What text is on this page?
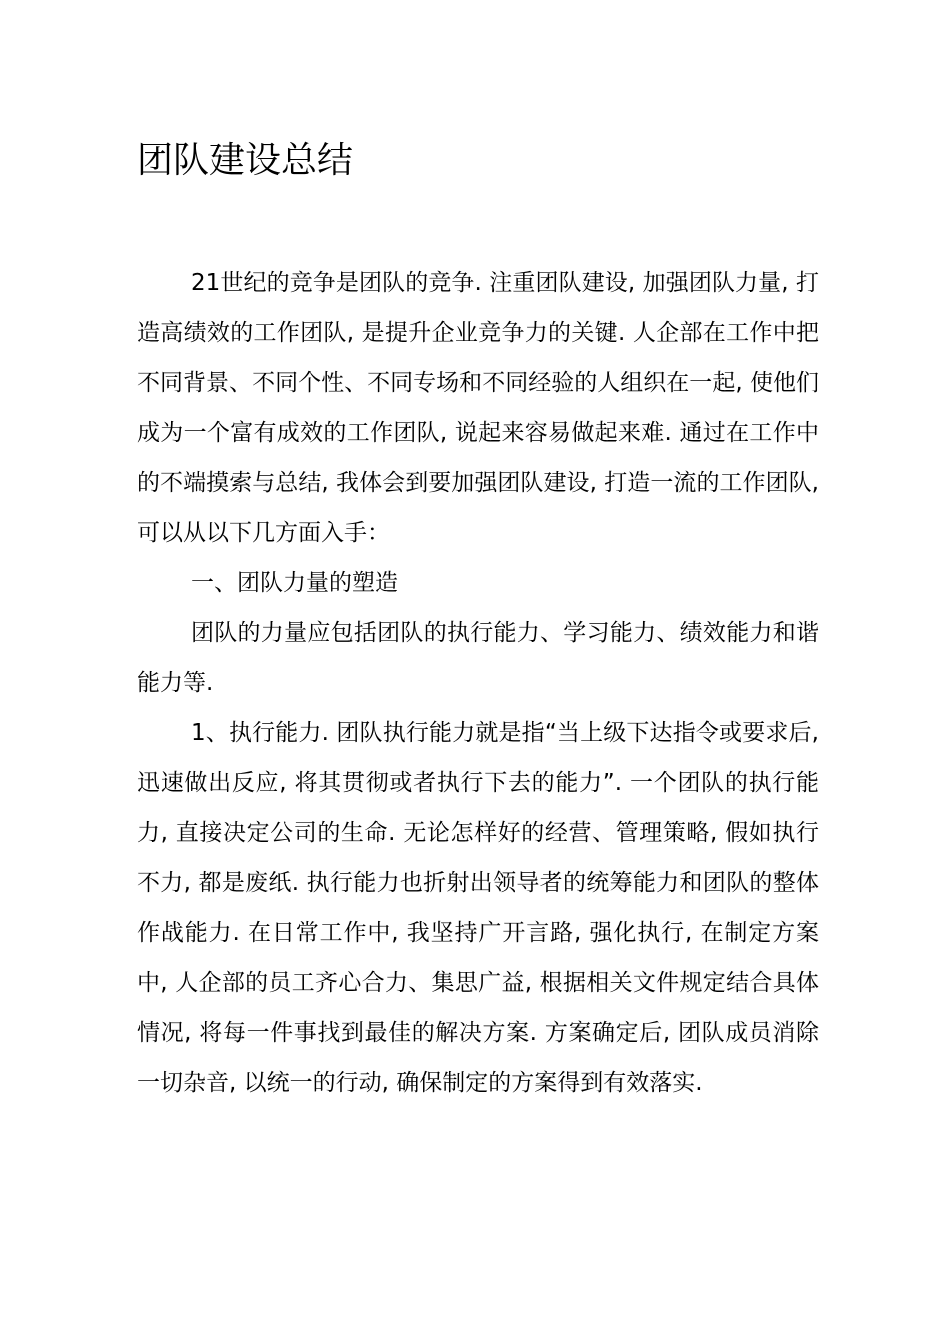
团队建设总结

21世纪的竞争是团队的竞争. 注重团队建设, 加强团队力量, 打造高绩效的工作团队, 是提升企业竞争力的关键. 人企部在工作中把不同背景、不同个性、不同专场和不同经验的人组织在一起, 使他们成为一个富有成效的工作团队, 说起来容易做起来难. 通过在工作中的不端摸索与总结, 我体会到要加强团队建设, 打造一流的工作团队, 可以从以下几方面入手：

一、团队力量的塑造

团队的力量应包括团队的执行能力、学习能力、绩效能力和谐能力等.

1、执行能力. 团队执行能力就是指“当上级下达指令或要求后, 迅速做出反应, 将其贯彻或者执行下去的能力”. 一个团队的执行能力, 直接决定公司的生命. 无论怎样好的经营、管理策略, 假如执行不力, 都是废纸. 执行能力也折射出领导者的统筹能力和团队的整体作战能力. 在日常工作中, 我坚持广开言路, 强化执行, 在制定方案中, 人企部的员工齐心合力、集思广益, 根据相关文件规定结合具体情况, 将每一件事找到最佳的解决方案. 方案确定后, 团队成员消除一切杂音, 以统一的行动, 确保制定的方案得到有效落实.
